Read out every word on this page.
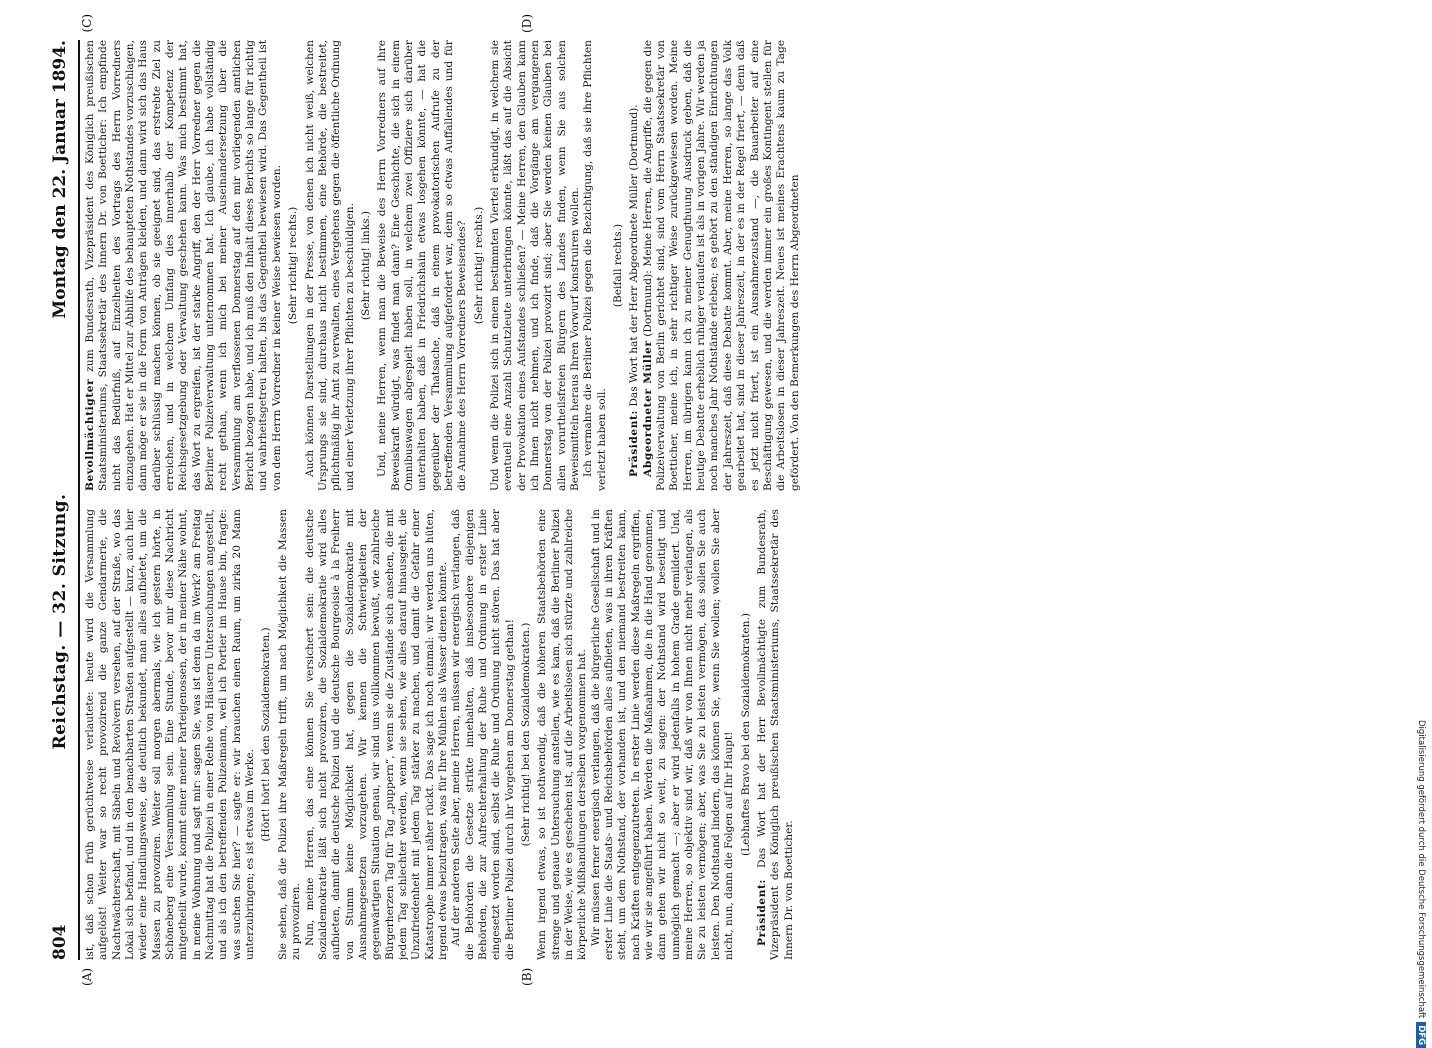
(A)	(B)
(C)	(D)
804
Reichstag. — 32. Sitzung.
Montag den 22. Januar 1894.

ist, daß schon früh gerüchtweise verlautete: heute wird die Versammlung aufgelöst! Weiter war so recht provozirend die ganze Gendarmerie, die Nachtwächterschaft, mit Säbeln und Revolvern versehen, auf der Straße, wo das Lokal sich befand, und in den benachbarten Straßen aufgestellt — kurz, auch hier wieder eine Handlungsweise, die deutlich bekundet, man alles aufbietet, um die Massen zu provoziren. Weiter soll morgen abermals, wie ich gestern hörte, in Schöneberg eine Versammlung sein. Eine Stunde, bevor mir diese Nachricht mitgetheilt wurde, kommt einer meiner Parteigenossen, der in meiner Nähe wohnt, in meine Wohnung und sagt mir: sagen Sie, was ist denn da im Werk? am Freitag Nachmittag hat die Polizei in einer Reihe von Häusern Untersuchungen angestellt, und als ich den betreffenden Polizeimann, weil ich Portier im Hause bin, fragte: was suchen Sie hier? — sagte er: wir brauchen einen Raum, um zirka 20 Mann unterzubringen; es ist etwas im Werke.

(Hört! hört! bei den Sozialdemokraten.) Sie sehen, daß die Polizei ihre Maßregeln trifft, um nach Möglichkeit die Massen zu provoziren. Nun, meine Herren, das eine können Sie versichert sein: die deutsche Sozialdemokratie läßt sich nicht provoziren, die Sozialdemokratie wird alles aufbieten, damit die deutsche Polizei und die deutsche Bourgeoisie à la Freiherr von Stumm keine Möglichkeit hat, gegen die Sozialdemokratie mit Ausnahmegesetzen vorzugehen. Wir kennen die Schwierigkeiten der gegenwärtigen Situation genau, wir sind uns vollkommen bewußt, wie zahlreiche Bürgerherzen Tag für Tag „puppern“, wenn sie die Zustände sich ansehen, die mit jedem Tag schlechter werden, wenn sie sehen, wie alles darauf hinausgeht, die Unzufriedenheit mit jedem Tag stärker zu machen, und damit die Gefahr einer Katastrophe immer näher rückt. Das sage ich noch einmal: wir werden uns hüten, irgend etwas beizutragen, was für Ihre Mühlen als Wasser dienen könnte. Auf der anderen Seite aber, meine Herren, müssen wir energisch verlangen, daß die Behörden die Gesetze strikte innehalten, daß insbesondere diejenigen Behörden, die zur Aufrechterhaltung der Ruhe und Ordnung in erster Linie eingesetzt worden sind, selbst die Ruhe und Ordnung nicht stören. Das hat aber die Berliner Polizei durch ihr Vorgehen am Donnerstag gethan! (Sehr richtig! bei den Sozialdemokraten.) Wenn irgend etwas, so ist nothwendig, daß die höheren Staatsbehörden eine strenge und genaue Untersuchung anstellen, wie es kam, daß die Berliner Polizei in der Weise, wie es geschehen ist, auf die Arbeitslosen sich stürzte und zahlreiche körperliche Mißhandlungen derselben vorgenommen hat. Wir müssen ferner energisch verlangen, daß die bürgerliche Gesellschaft und in erster Linie die Staats- und Reichsbehörden alles aufbieten, was in ihren Kräften steht, um dem Nothstand, der vorhanden ist, und den niemand bestreiten kann, nach Kräften entgegenzutreten. In erster Linie werden diese Maßregeln ergriffen, wie wir sie angeführt haben. Werden die Maßnahmen, die in die Hand genommen, dann gehen wir nicht so weit, zu sagen: der Nothstand wird beseitigt und unmöglich gemacht —; aber er wird jedenfalls in hohem Grade gemildert. Und, meine Herren, so objektiv sind wir, daß wir von Ihnen nicht mehr verlangen, als Sie zu leisten vermögen; aber, was Sie zu leisten vermögen, das sollen Sie auch leisten. Den Nothstand lindern, das können Sie, wenn Sie wollen; wollen Sie aber nicht, nun, dann die Folgen auf Ihr Haupt! (Lebhaftes Bravo bei den Sozialdemokraten.)

Präsident: Das Wort hat der Herr Bevollmächtigte zum Bundesrath, Vizepräsident des Königlich preußischen Staatsministeriums, Staatssekretär des Innern Dr. von Boetticher.

Bevollmächtigter zum Bundesrath, Vizepräsident des Königlich preußischen Staatsministeriums, Staatssekretär des Innern Dr. von Boetticher: Ich empfinde nicht das Bedürfniß, auf Einzelheiten des Vortrags des Herrn Vorredners einzugehen. Hat er Mittel zur Abhilfe des behaupteten Nothstandes vorzuschlagen, dann möge er sie in die Form von Anträgen kleiden, und dann wird sich das Haus darüber schlüssig machen können, ob sie geeignet sind, das erstrebte Ziel zu erreichen, und in welchem Umfang dies innerhalb der Kompetenz der Reichsgesetzgebung oder Verwaltung geschehen kann. Was mich bestimmt hat, das Wort zu ergreifen, ist der starke Angriff, den der Herr Vorredner gegen die Berliner Polizeiverwaltung unternommen hat. Ich glaube, ich habe vollständig recht gethan, wenn ich mich bei meiner Auseinandersetzung über die Versammlung am verflossenen Donnerstag auf den mir vorliegenden amtlichen Bericht bezogen habe, und ich muß den Inhalt dieses Berichts so lange für richtig und wahrheitsgetreu halten, bis das Gegentheil bewiesen wird. Das Gegentheil ist von dem Herrn Vorredner in keiner Weise bewiesen worden. (Sehr richtig! rechts.) Auch können Darstellungen in der Presse, von denen ich nicht weiß, welchen Ursprungs sie sind, durchaus nicht bestimmen, eine Behörde, die bestreitet, pflichtmäßig ihr Amt zu verwalten, eines Vergehens gegen die öffentliche Ordnung und einer Verletzung ihrer Pflichten zu beschuldigen. (Sehr richtig! links.) Und, meine Herren, wenn man die Beweise des Herrn Vorredners auf ihre Beweiskraft würdigt, was findet man dann? Eine Geschichte, die sich in einem Omnibuswagen abgespielt haben soll, in welchem zwei Offiziere sich darüber unterhalten haben, daß in Friedrichshain etwas losgehen könnte, — hat die gegenüber der Thatsache, daß in einem provokatorischen Aufrufe zu der betreffenden Versammlung aufgefordert war, denn so etwas Auffallendes und für die Annahme des Herrn Vorredners Beweisendes? (Sehr richtig! rechts.) Und wenn die Polizei sich in einem bestimmten Viertel erkundigt, in welchem sie eventuell eine Anzahl Schutzleute unterbringen könnte, läßt das auf die Absicht der Provokation eines Aufstandes schließen? — Meine Herren, den Glauben kann ich Ihnen nicht nehmen, und ich finde, daß die Vorgänge am vergangenen Donnerstag von der Polizei provozirt sind; aber Sie werden keinen Glauben bei allen vorurtheilsfreien Bürgern des Landes finden, wenn Sie aus solchen Beweismitteln heraus Ihren Vorwurf konstruiren wollen. Ich vermahre die Berliner Polizei gegen die Bezichtigung, daß sie ihre Pflichten verletzt haben soll.

(Beifall rechts.)

Präsident: Das Wort hat der Herr Abgeordnete Müller (Dortmund). Abgeordneter Müller (Dortmund): Meine Herren, die Angriffe, die gegen die Polizeiverwaltung von Berlin gerichtet sind, sind vom Herrn Staatssekretär von Boetticher, meine ich, in sehr richtiger Weise zurückgewiesen worden. Meine Herren, im übrigen kann ich zu meiner Genugthuung Ausdruck geben, daß die heutige Debatte erheblich ruhiger verlaufen ist als in vorigen Jahre. Wir werden ja noch manches Jahr Nothstände erleben; es gehört zu den ständigen Einrichtungen der Jahreszeit, daß diese Debatte kommt. Aber, meine Herren, so lange das Volk gearbeitet hat, sind in dieser Jahreszeit, in der es in der Regel friert, — denn daß es jetzt nicht friert, ist ein Ausnahmezustand —, die Bauarbeiter auf eine Beschäftigung gewesen, und die werden immer ein großes Kontingent stellen für die Arbeitslosen in dieser Jahreszeit. Neues ist meines Erachtens kaum zu Tage gefördert. Von den Bemerkungen des Herrn Abgeordneten

Digitalisierung gefördert durch die Deutsche ForschungsgemeinschaftDFG
